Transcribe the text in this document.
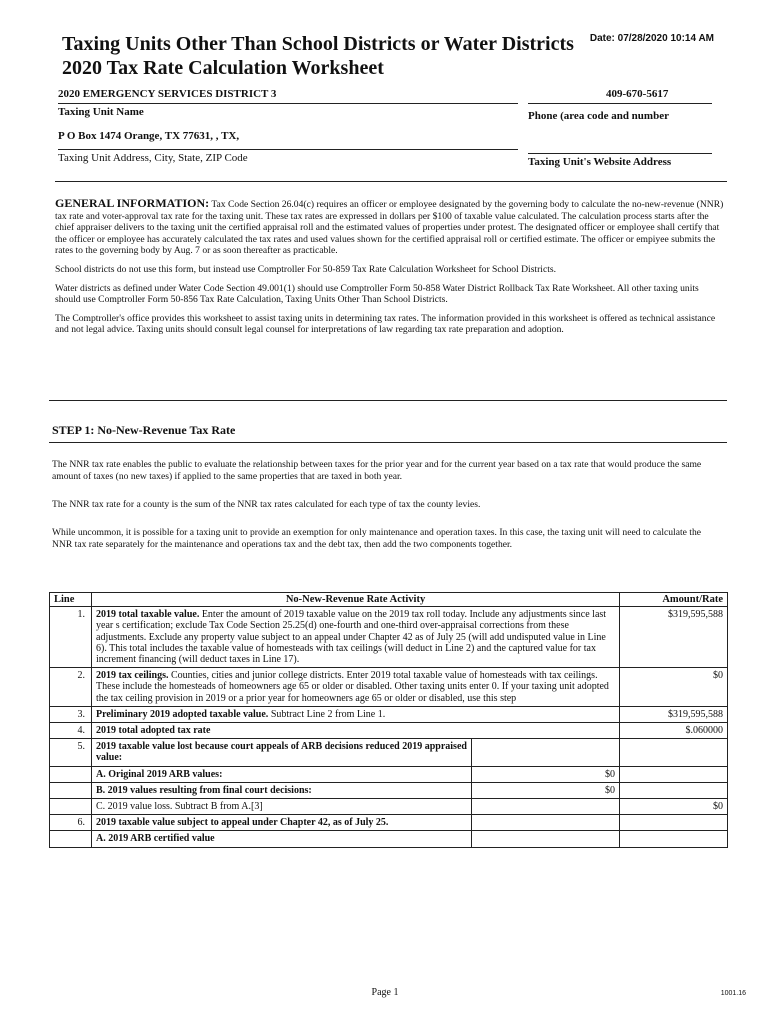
Date: 07/28/2020 10:14 AM
Taxing Units Other Than School Districts or Water Districts
2020 Tax Rate Calculation Worksheet
2020 EMERGENCY SERVICES DISTRICT 3	409-670-5617
Taxing Unit Name	Phone (area code and number
P O Box 1474 Orange, TX 77631, , TX,
Taxing Unit Address, City, State, ZIP Code	Taxing Unit's Website Address

GENERAL INFORMATION: Tax Code Section 26.04(c) requires an officer or employee designated by the governing body to calculate the no-new-revenue (NNR) tax rate and voter-approval tax rate for the taxing unit. These tax rates are expressed in dollars per $100 of taxable value calculated. The calculation process starts after the chief appraiser delivers to the taxing unit the certified appraisal roll and the estimated values of properties under protest. The designated officer or employee shall certify that the officer or employee has accurately calculated the tax rates and used values shown for the certified appraisal roll or certified estimate. The officer or empiyee submits the rates to the governing body by Aug. 7 or as soon thereafter as practicable.

School districts do not use this form, but instead use Comptroller For 50-859 Tax Rate Calculation Worksheet for School Districts.

Water districts as defined under Water Code Section 49.001(1) should use Comptroller Form 50-858 Water District Rollback Tax Rate Worksheet. All other taxing units should use Comptroller Form 50-856 Tax Rate Calculation, Taxing Units Other Than School Districts.

The Comptroller's office provides this worksheet to assist taxing units in determining tax rates. The information provided in this worksheet is offered as technical assistance and not legal advice. Taxing units should consult legal counsel for interpretations of law regarding tax rate preparation and adoption.

STEP 1: No-New-Revenue Tax Rate

The NNR tax rate enables the public to evaluate the relationship between taxes for the prior year and for the current year based on a tax rate that would produce the same amount of taxes (no new taxes) if applied to the same properties that are taxed in both year.

The NNR tax rate for a county is the sum of the NNR tax rates calculated for each type of tax the county levies.

While uncommon, it is possible for a taxing unit to provide an exemption for only maintenance and operation taxes. In this case, the taxing unit will need to calculate the NNR tax rate separately for the maintenance and operations tax and the debt tax, then add the two components together.

Line	No-New-Revenue Rate Activity		Amount/Rate
1.	2019 total taxable value. Enter the amount of 2019 taxable value on the 2019 tax roll today. Include any adjustments since last year s certification; exclude Tax Code Section 25.25(d) one-fourth and one-third over-appraisal corrections from these adjustments. Exclude any property value subject to an appeal under Chapter 42 as of July 25 (will add undisputed value in Line 6). This total includes the taxable value of homesteads with tax ceilings (will deduct in Line 2) and the captured value for tax increment financing (will deduct taxes in Line 17).		$319,595,588
2.	2019 tax ceilings. Counties, cities and junior college districts. Enter 2019 total taxable value of homesteads with tax ceilings. These include the homesteads of homeowners age 65 or older or disabled. Other taxing units enter 0. If your taxing unit adopted the tax ceiling provision in 2019 or a prior year for homeowners age 65 or older or disabled, use this step		$0
3.	Preliminary 2019 adopted taxable value. Subtract Line 2 from Line 1.		$319,595,588
4.	2019 total adopted tax rate		$.060000
5.	2019 taxable value lost because court appeals of ARB decisions reduced 2019 appraised value:		
	A. Original 2019 ARB values:	$0	
	B. 2019 values resulting from final court decisions:	$0	
	C. 2019 value loss. Subtract B from A.[3]		$0
6.	2019 taxable value subject to appeal under Chapter 42, as of July 25.		
	A. 2019 ARB certified value		
Page 1	1001.16
